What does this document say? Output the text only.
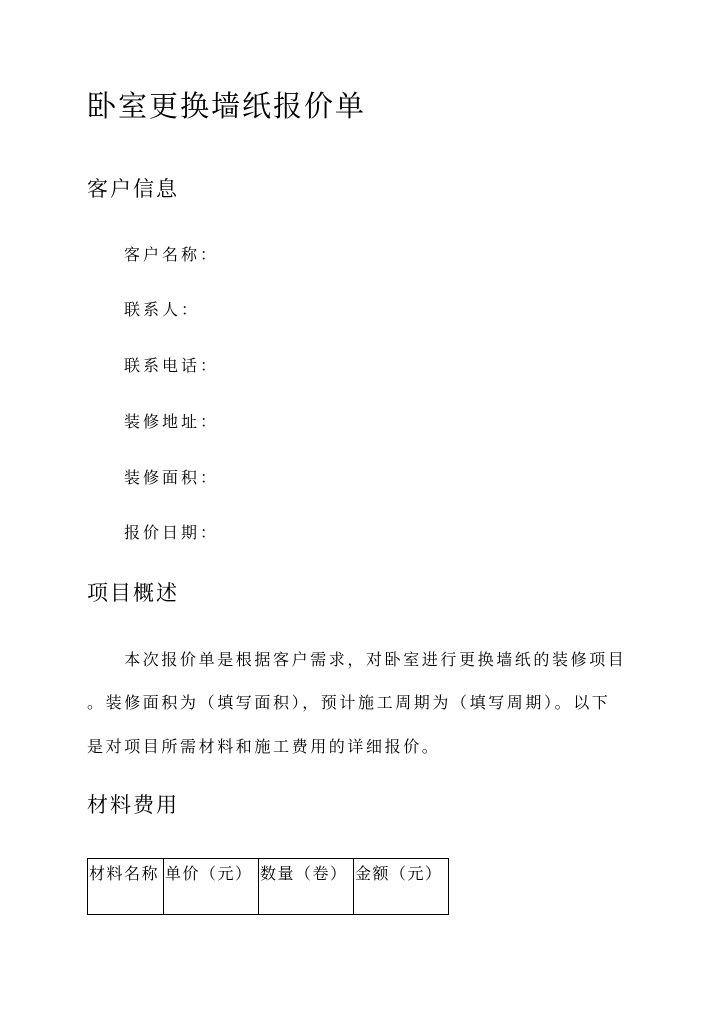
卧室更换墙纸报价单
客户信息
客户名称：
联系人：
联系电话：
装修地址：
装修面积：
报价日期：
项目概述
　　本次报价单是根据客户需求，对卧室进行更换墙纸的装修项目
。装修面积为（填写面积），预计施工周期为（填写周期）。以下
是对项目所需材料和施工费用的详细报价。
材料费用
材料名称	单价（元）	数量（卷）	金额（元）
